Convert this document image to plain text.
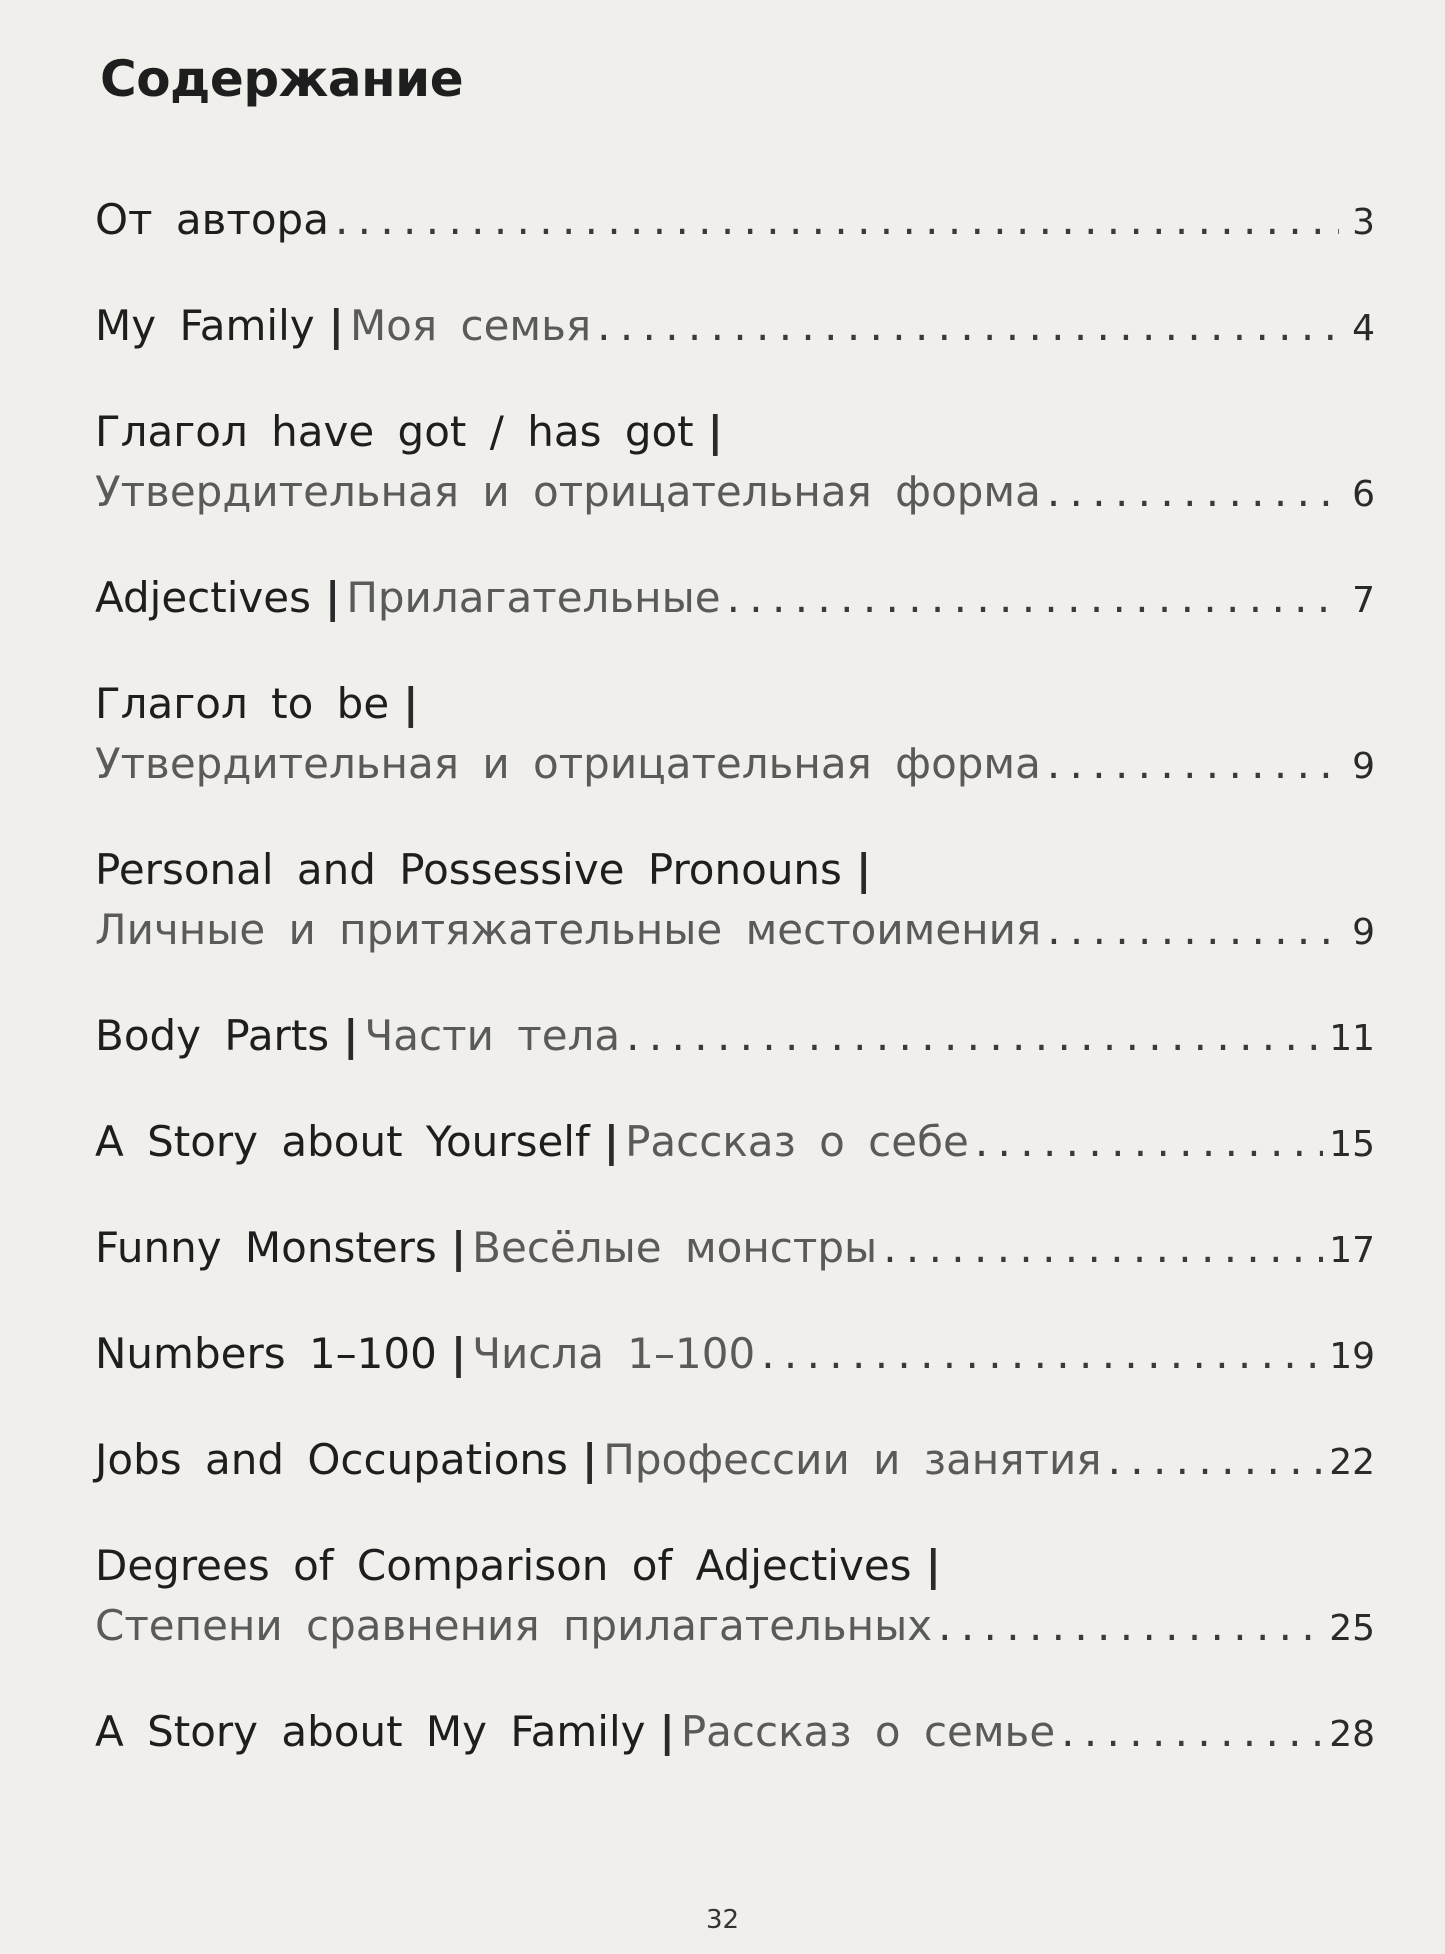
Содержание

От автора . . .	3

My Family | Моя семья . . .	4

Глагол have got / has got |
Утвердительная и отрицательная форма . . .	6

Adjectives | Прилагательные . . .	7

Глагол to be |
Утвердительная и отрицательная форма . . .	9

Personal and Possessive Pronouns |
Личные и притяжательные местоимения . . .	9

Body Parts | Части тела . . .	11

A Story about Yourself | Рассказ о себе . . .	15

Funny Monsters | Весёлые монстры . . .	17

Numbers 1–100 | Числа 1–100 . . .	19

Jobs and Occupations | Профессии и занятия . . .	22

Degrees of Comparison of Adjectives |
Степени сравнения прилагательных . . .	25

A Story about My Family | Рассказ о семье . . .	28

32
